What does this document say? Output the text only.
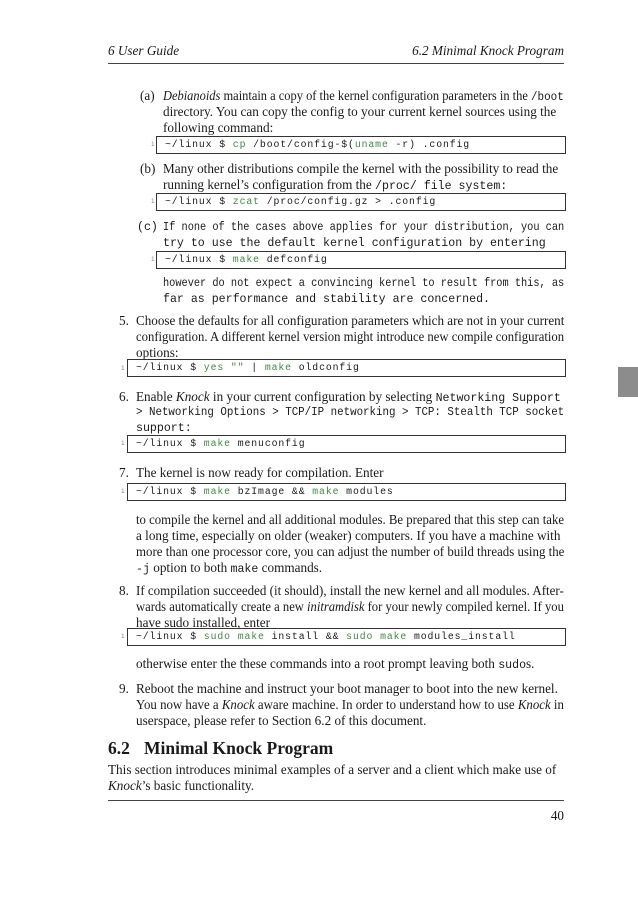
6 User Guide	6.2 Minimal Knock Program
(a) Debianoids maintain a copy of the kernel configuration parameters in the /boot
directory. You can copy the config to your current kernel sources using the
following command:
1 ~/linux $ cp /boot/config-$(uname -r) .config
(b) Many other distributions compile the kernel with the possibility to read the
running kernel’s configuration from the /proc/ file system:
1 ~/linux $ zcat /proc/config.gz > .config
(c) If none of the cases above applies for your distribution, you can
try to use the default kernel configuration by entering
1 ~/linux $ make defconfig
however do not expect a convincing kernel to result from this, as
far as performance and stability are concerned.
5. Choose the defaults for all configuration parameters which are not in your current
configuration. A different kernel version might introduce new compile configuration
options:
1 ~/linux $ yes "" | make oldconfig
6. Enable Knock in your current configuration by selecting Networking Support
> Networking Options > TCP/IP networking > TCP: Stealth TCP socket
support:
1 ~/linux $ make menuconfig
7. The kernel is now ready for compilation. Enter
1 ~/linux $ make bzImage && make modules
to compile the kernel and all additional modules. Be prepared that this step can take
a long time, especially on older (weaker) computers. If you have a machine with
more than one processor core, you can adjust the number of build threads using the
-j option to both make commands.
8. If compilation succeeded (it should), install the new kernel and all modules. After-
wards automatically create a new initramdisk for your newly compiled kernel. If you
have sudo installed, enter
1 ~/linux $ sudo make install && sudo make modules_install
otherwise enter the these commands into a root prompt leaving both sudos.
9. Reboot the machine and instruct your boot manager to boot into the new kernel.
You now have a Knock aware machine. In order to understand how to use Knock in
userspace, please refer to Section 6.2 of this document.
6.2 Minimal Knock Program
This section introduces minimal examples of a server and a client which make use of
Knock’s basic functionality.
40
